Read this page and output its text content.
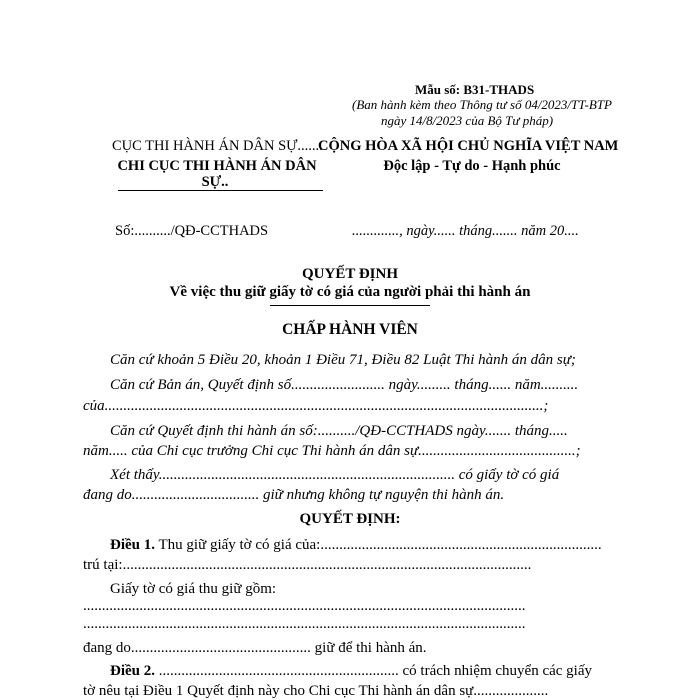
Mẫu số: B31-THADS
(Ban hành kèm theo Thông tư số 04/2023/TT-BTP
ngày 14/8/2023 của Bộ Tư pháp)
CỤC THI HÀNH ÁN DÂN SỰ.......
CHI CỤC THI HÀNH ÁN DÂN
SỰ..
CỘNG HÒA XÃ HỘI CHỦ NGHĨA VIỆT NAM
Độc lập - Tự do - Hạnh phúc
Số:........../QĐ-CCTHADS	............., ngày...... tháng....... năm 20....
QUYẾT ĐỊNH
Về việc thu giữ giấy tờ có giá của người phải thi hành án
CHẤP HÀNH VIÊN
Căn cứ khoản 5 Điều 20, khoản 1 Điều 71, Điều 82 Luật Thi hành án dân sự;
Căn cứ Bản án, Quyết định số......................... ngày......... tháng...... năm..........
của.....................................................................................................................;
Căn cứ Quyết định thi hành án số:........../QĐ-CCTHADS ngày....... tháng.....
năm..... của Chi cục trưởng Chi cục Thi hành án dân sự..........................................;
Xét thấy............................................................................... có giấy tờ có giá
đang do.................................. giữ nhưng không tự nguyện thi hành án.
QUYẾT ĐỊNH:
Điều 1. Thu giữ giấy tờ có giá của:...........................................................................
trú tại:.............................................................................................................
Giấy tờ có giá thu giữ gồm:
......................................................................................................................
......................................................................................................................
đang do................................................ giữ để thi hành án.
Điều 2. ................................................................ có trách nhiệm chuyển các giấy
tờ nêu tại Điều 1 Quyết định này cho Chi cục Thi hành án dân sự....................
